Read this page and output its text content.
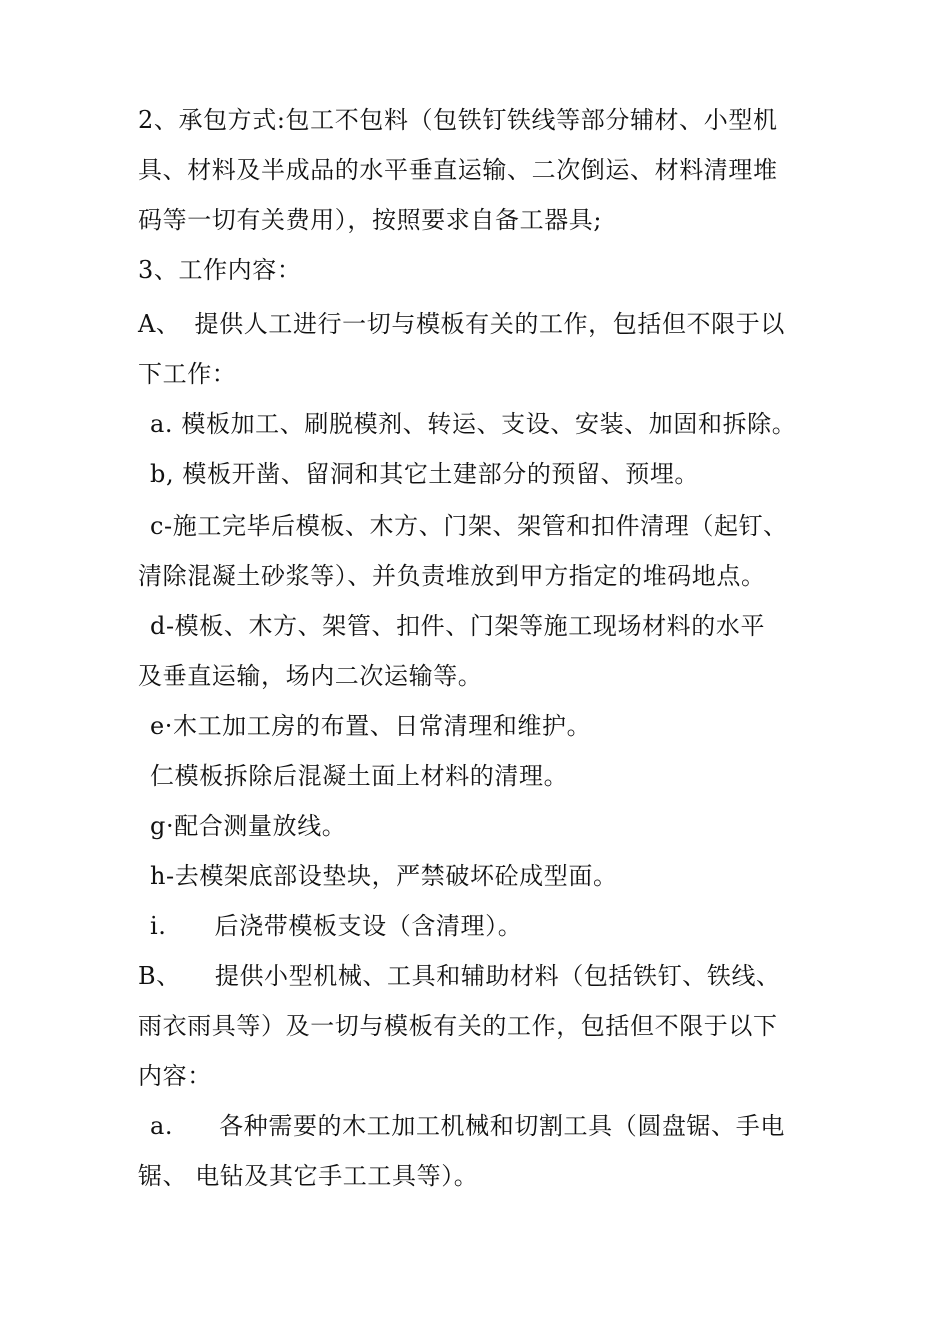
2、承包方式:包工不包料（包铁钉铁线等部分辅材、小型机
具、材料及半成品的水平垂直运输、二次倒运、材料清理堆
码等一切有关费用），按照要求自备工器具;
3、工作内容：
A、 提供人工进行一切与模板有关的工作，包括但不限于以
下工作：
a. 模板加工、刷脱模剂、转运、支设、安装、加固和拆除。
b, 模板开凿、留洞和其它土建部分的预留、预埋。
c-施工完毕后模板、木方、门架、架管和扣件清理（起钉、
清除混凝土砂浆等）、并负责堆放到甲方指定的堆码地点。
d-模板、木方、架管、扣件、门架等施工现场材料的水平
及垂直运输，场内二次运输等。
e·木工加工房的布置、日常清理和维护。
仁模板拆除后混凝土面上材料的清理。
g·配合测量放线。
h-去模架底部设垫块，严禁破坏砼成型面。
i. 后浇带模板支设（含清理）。
B、 提供小型机械、工具和辅助材料（包括铁钉、铁线、
雨衣雨具等）及一切与模板有关的工作，包括但不限于以下
内容：
a. 各种需要的木工加工机械和切割工具（圆盘锯、手电
锯、 电钻及其它手工工具等）。
